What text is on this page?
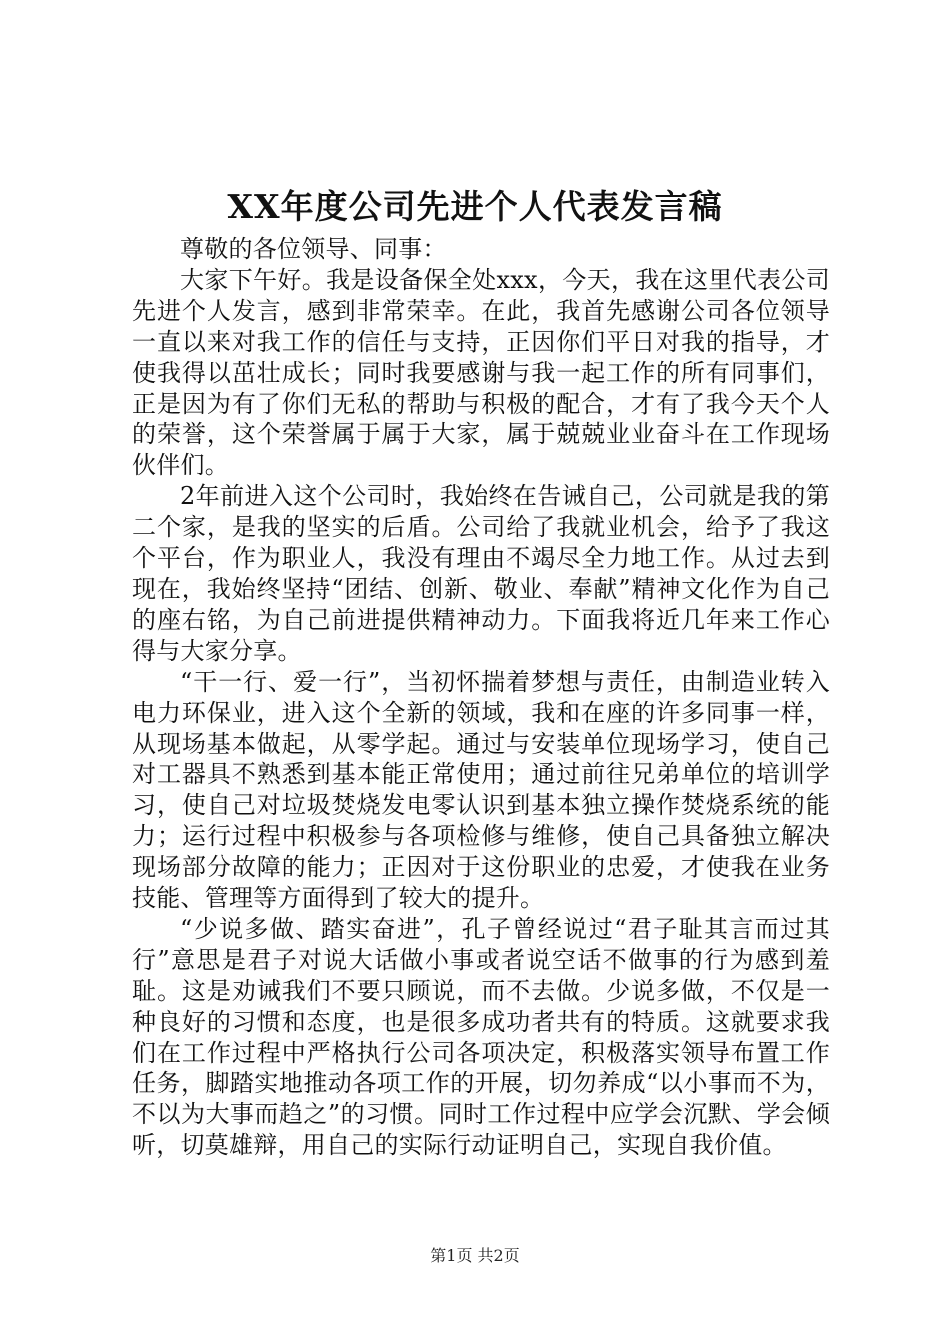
XX年度公司先进个人代表发言稿

尊敬的各位领导、同事：

大家下午好。我是设备保全处xxx，今天，我在这里代表公司先进个人发言，感到非常荣幸。在此，我首先感谢公司各位领导一直以来对我工作的信任与支持，正因你们平日对我的指导，才使我得以茁壮成长；同时我要感谢与我一起工作的所有同事们，正是因为有了你们无私的帮助与积极的配合，才有了我今天个人的荣誉，这个荣誉属于属于大家，属于兢兢业业奋斗在工作现场伙伴们。

2年前进入这个公司时，我始终在告诫自己，公司就是我的第二个家，是我的坚实的后盾。公司给了我就业机会，给予了我这个平台，作为职业人，我没有理由不竭尽全力地工作。从过去到现在，我始终坚持“团结、创新、敬业、奉献”精神文化作为自己的座右铭，为自己前进提供精神动力。下面我将近几年来工作心得与大家分享。

“干一行、爱一行”，当初怀揣着梦想与责任，由制造业转入电力环保业，进入这个全新的领域，我和在座的许多同事一样，从现场基本做起，从零学起。通过与安装单位现场学习，使自己对工器具不熟悉到基本能正常使用；通过前往兄弟单位的培训学习，使自己对垃圾焚烧发电零认识到基本独立操作焚烧系统的能力；运行过程中积极参与各项检修与维修，使自己具备独立解决现场部分故障的能力；正因对于这份职业的忠爱，才使我在业务技能、管理等方面得到了较大的提升。

“少说多做、踏实奋进”，孔子曾经说过“君子耻其言而过其行”意思是君子对说大话做小事或者说空话不做事的行为感到羞耻。这是劝诫我们不要只顾说，而不去做。少说多做，不仅是一种良好的习惯和态度，也是很多成功者共有的特质。这就要求我们在工作过程中严格执行公司各项决定，积极落实领导布置工作任务，脚踏实地推动各项工作的开展，切勿养成“以小事而不为，不以为大事而趋之”的习惯。同时工作过程中应学会沉默、学会倾听，切莫雄辩，用自己的实际行动证明自己，实现自我价值。

第1页 共2页
